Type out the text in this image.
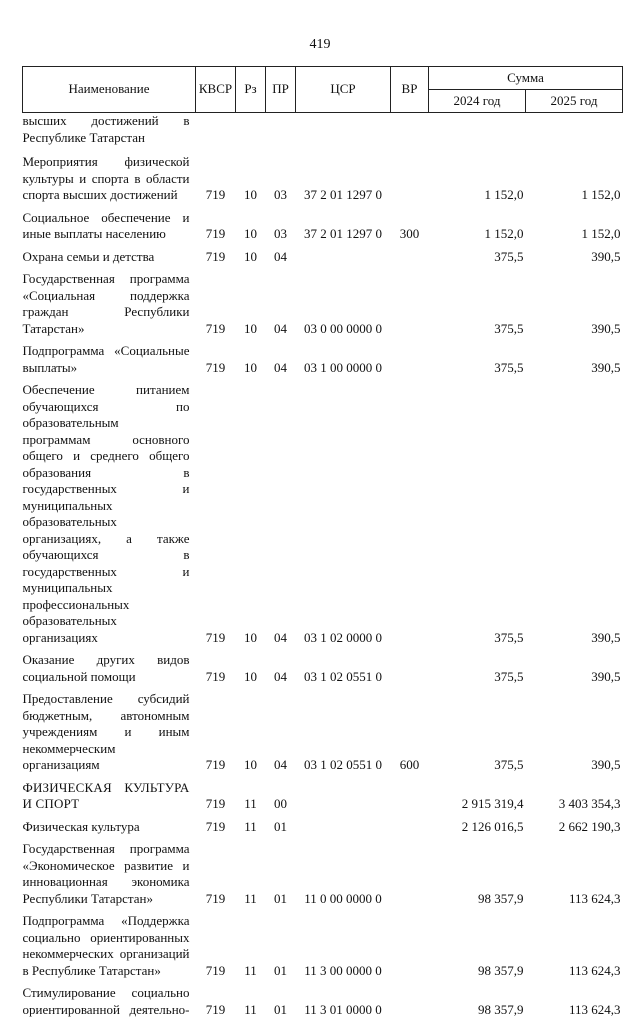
419
Наименование	КВСР	Рз	ПР	ЦСР	ВР	Сумма	
						2024 год	2025 год
высших достижений в Республике Татарстан							
Мероприятия физической культуры и спорта в области спорта высших достижений	719	10	03	37 2 01 1297 0		1 152,0	1 152,0
Социальное обеспечение и иные выплаты населению	719	10	03	37 2 01 1297 0	300	1 152,0	1 152,0
Охрана семьи и детства	719	10	04			375,5	390,5
Государственная программа «Социальная поддержка граждан Республики Татарстан»	719	10	04	03 0 00 0000 0		375,5	390,5
Подпрограмма «Социальные выплаты»	719	10	04	03 1 00 0000 0		375,5	390,5
Обеспечение питанием обучающихся по образовательным программам основного общего и среднего общего образования в государственных и муниципальных образовательных организациях, а также обучающихся в государственных и муниципальных профессиональных образовательных организациях	719	10	04	03 1 02 0000 0		375,5	390,5
Оказание других видов социальной помощи	719	10	04	03 1 02 0551 0		375,5	390,5
Предоставление субсидий бюджетным, автономным учреждениям и иным некоммерческим организациям	719	10	04	03 1 02 0551 0	600	375,5	390,5
ФИЗИЧЕСКАЯ КУЛЬТУРА И СПОРТ	719	11	00			2 915 319,4	3 403 354,3
Физическая культура	719	11	01			2 126 016,5	2 662 190,3
Государственная программа «Экономическое развитие и инновационная экономика Республики Татарстан»	719	11	01	11 0 00 0000 0		98 357,9	113 624,3
Подпрограмма «Поддержка социально ориентированных некоммерческих организаций в Республике Татарстан»	719	11	01	11 3 00 0000 0		98 357,9	113 624,3
Стимулирование социально ориентированной деятельно-	719	11	01	11 3 01 0000 0		98 357,9	113 624,3
